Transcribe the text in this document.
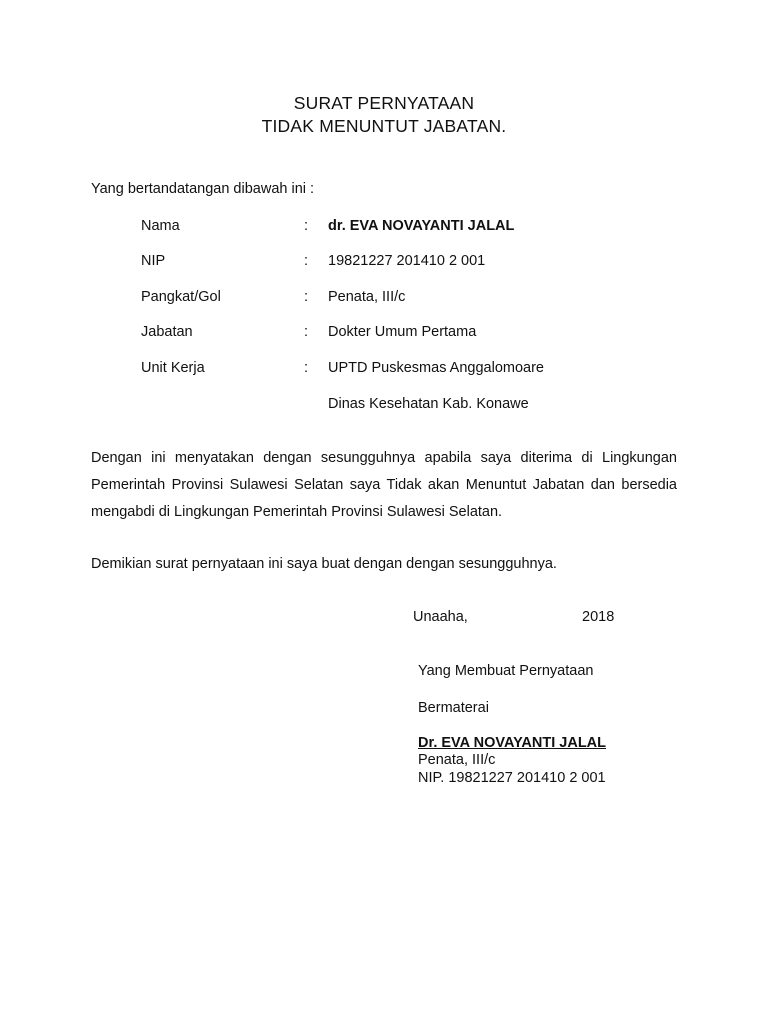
SURAT PERNYATAAN
TIDAK MENUNTUT JABATAN.
Yang bertandatangan dibawah ini :
Nama	: dr. EVA NOVAYANTI JALAL
NIP	: 19821227 201410 2 001
Pangkat/Gol	: Penata, III/c
Jabatan	: Dokter Umum Pertama
Unit Kerja	: UPTD Puskesmas Anggalomoare
Dinas Kesehatan Kab. Konawe
Dengan ini menyatakan dengan sesungguhnya apabila saya diterima di Lingkungan Pemerintah Provinsi Sulawesi Selatan saya Tidak akan Menuntut Jabatan dan bersedia mengabdi di Lingkungan Pemerintah Provinsi Sulawesi Selatan.
Demikian surat pernyataan ini saya buat dengan dengan sesungguhnya.
Unaaha,	2018
Yang Membuat Pernyataan
Bermaterai
Dr. EVA NOVAYANTI JALAL
Penata, III/c
NIP. 19821227 201410 2 001
